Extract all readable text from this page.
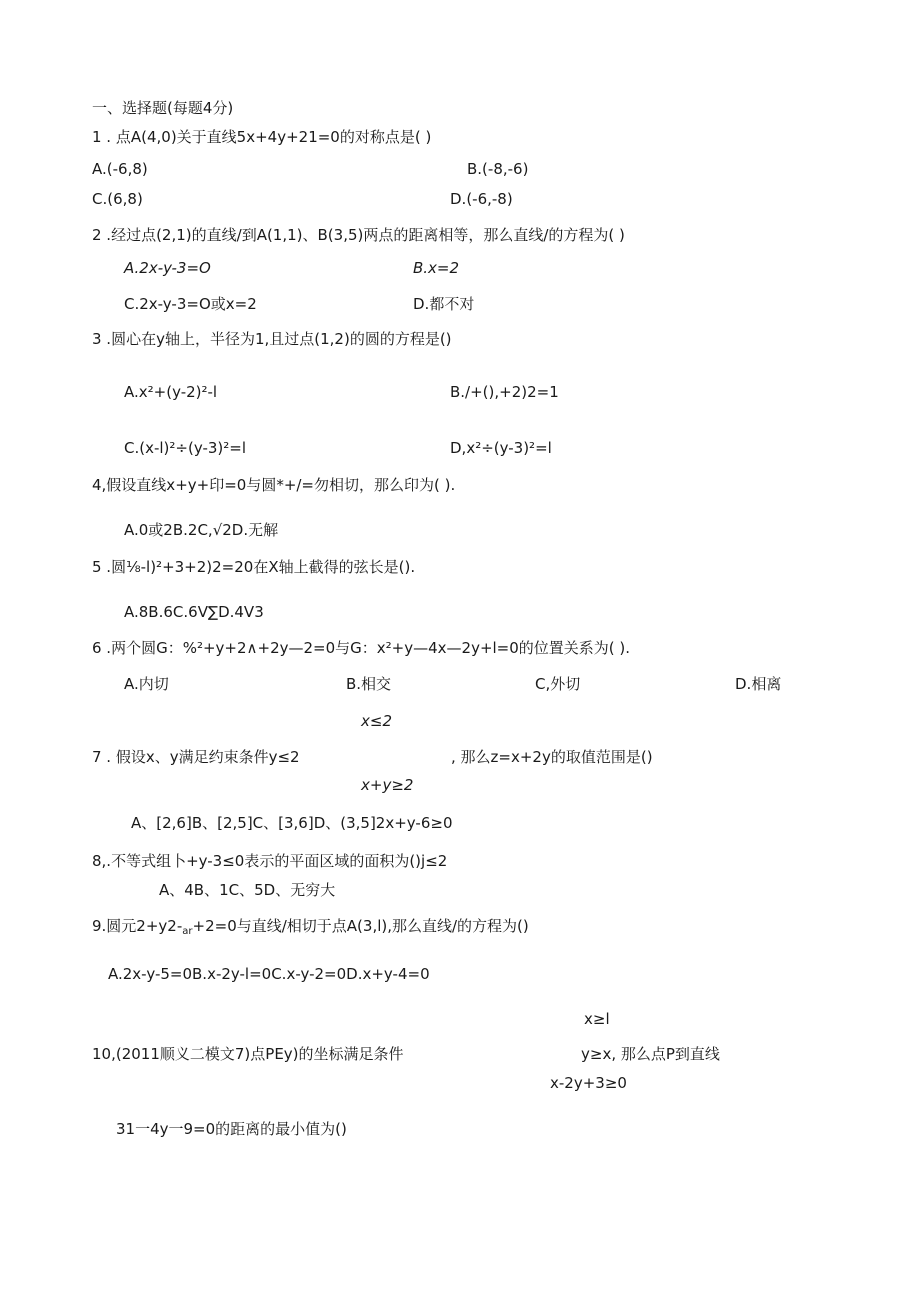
一、选择题(每题4分)
1 . 点A(4,0)关于直线5x+4y+21=0的对称点是( )
A.(-6,8)	B.(-8,-6)
C.(6,8)	D.(-6,-8)
2 .经过点(2,1)的直线/到A(1,1)、B(3,5)两点的距离相等，那么直线/的方程为( )
A.2x-y-3=O	B.x=2
C.2x-y-3=O或x=2	D.都不对
3 .圆心在y轴上，半径为1,且过点(1,2)的圆的方程是()
A.x²+(y-2)²-l	B./+(),+2)2=1
C.(x-l)²÷(y-3)²=l	D,x²÷(y-3)²=l
4,假设直线x+y+印=0与圆*+/=勿相切，那么印为( ).
A.0或2B.2C,√2D.无解
5 .圆⅛-l)²+3+2)2=20在X轴上截得的弦长是().
A.8B.6C.6V∑D.4V3
6 .两个圆G：%²+y+2∧+2y—2=0与G：x²+y—4x—2y+l=0的位置关系为( ).
A.内切	B.相交	C,外切	D.相离
x≤2
7 . 假设x、y满足约束条件y≤2	, 那么z=x+2y的取值范围是()
x+y≥2
A、[2,6]B、[2,5]C、[3,6]D、(3,5]2x+y-6≥0
8,.不等式组卜+y-3≤0表示的平面区域的面积为()j≤2
A、4B、1C、5D、无穷大
9.圆元$2+y2-_{ar}+2=0$与直线/相切于点A(3,l),那么直线/的方程为()
A.2x-y-5=0B.x-2y-l=0C.x-y-2=0D.x+y-4=0
x≥l
10,(2011顺义二模文7)点PEy)的坐标满足条件	y≥x, 那么点P到直线
x-2y+3≥0
31一4y一9=0的距离的最小值为()
